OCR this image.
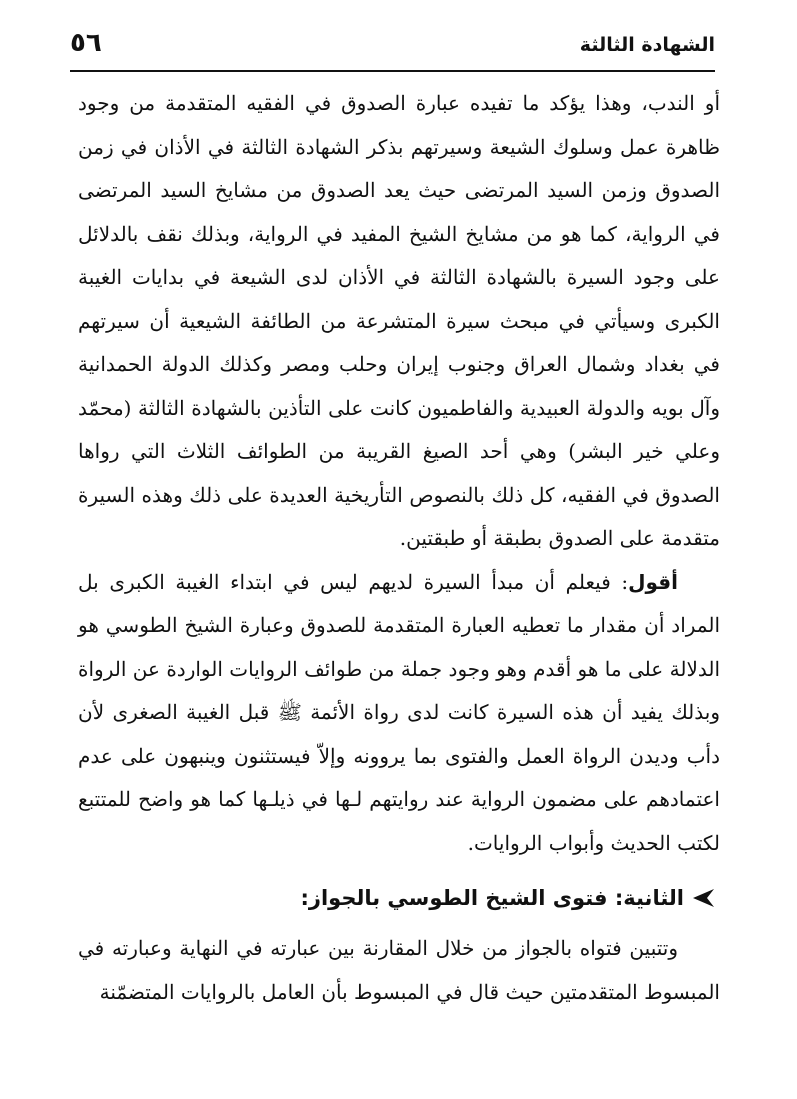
الشهادة الثالثة
٥٦

أو الندب، وهذا يؤكد ما تفيده عبارة الصدوق في الفقيه المتقدمة من وجود ظاهرة عمل وسلوك الشيعة وسيرتهم بذكر الشهادة الثالثة في الأذان في زمن الصدوق وزمن السيد المرتضى حيث يعد الصدوق من مشايخ السيد المرتضى في الرواية، كما هو من مشايخ الشيخ المفيد في الرواية، وبذلك نقف بالدلائل على وجود السيرة بالشهادة الثالثة في الأذان لدى الشيعة في بدايات الغيبة الكبرى وسيأتي في مبحث سيرة المتشرعة من الطائفة الشيعية أن سيرتهم في بغداد وشمال العراق وجنوب إيران وحلب ومصر وكذلك الدولة الحمدانية وآل بويه والدولة العبيدية والفاطميون كانت على التأذين بالشهادة الثالثة (محمّد وعلي خير البشر) وهي أحد الصيغ القريبة من الطوائف الثلاث التي رواها الصدوق في الفقيه، كل ذلك بالنصوص التأريخية العديدة على ذلك وهذه السيرة متقدمة على الصدوق بطبقة أو طبقتين.

أقول: فيعلم أن مبدأ السيرة لديهم ليس في ابتداء الغيبة الكبرى بل المراد أن مقدار ما تعطيه العبارة المتقدمة للصدوق وعبارة الشيخ الطوسي هو الدلالة على ما هو أقدم وهو وجود جملة من طوائف الروايات الواردة عن الرواة وبذلك يفيد أن هذه السيرة كانت لدى رواة الأئمة ﷺ قبل الغيبة الصغرى لأن دأب وديدن الرواة العمل والفتوى بما يروونه وإلاّ فيستثنون وينبهون على عدم اعتمادهم على مضمون الرواية عند روايتهم لـها في ذيلـها كما هو واضح للمتتبع لكتب الحديث وأبواب الروايات.

الثانية: فتوى الشيخ الطوسي بالجواز:

وتتبين فتواه بالجواز من خلال المقارنة بين عبارته في النهاية وعبارته في المبسوط المتقدمتين حيث قال في المبسوط بأن العامل بالروايات المتضمّنة
